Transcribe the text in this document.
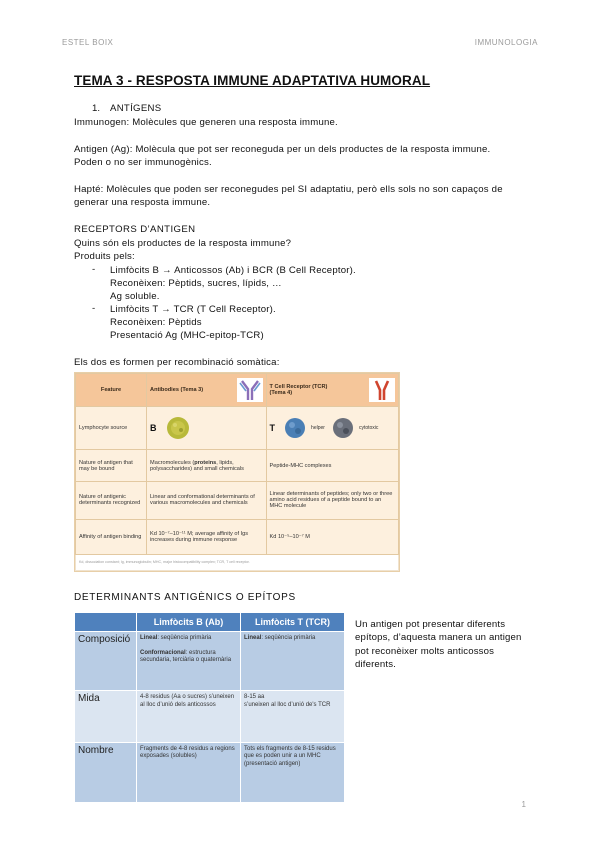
ESTEL BOIX	IMMUNOLOGIA
TEMA 3 - RESPOSTA IMMUNE ADAPTATIVA HUMORAL
1. ANTÍGENS
Immunogen: Molècules que generen una resposta immune.
Antigen (Ag): Molècula que pot ser reconeguda per un dels productes de la resposta immune.
Poden o no ser immunogènics.
Hapté: Molècules que poden ser reconegudes pel SI adaptatiu, però ells sols no son capaços de
generar una resposta immune.
RECEPTORS D’ANTIGEN
Quins són els productes de la resposta immune?
Produits pels:
- Limfòcits B → Anticossos (Ab) i BCR (B Cell Receptor).
Reconèixen: Pèptids, sucres, lípids, …
Ag soluble.
- Limfòcits T → TCR (T Cell Receptor).
Reconèixen: Pèptids
Presentació Ag (MHC-epitop-TCR)
Els dos es formen per recombinació somàtica:
Feature	Antibodies (Tema 3)	T Cell Receptor (TCR) (Tema 4)

Lymphocyte source	B	T helper cytotoxic

Nature of antigen that may be bound	Macromolecules (proteins, lipids, polysaccharides) and small chemicals	Peptide-MHC complexes
Nature of antigenic determinants recognized	Linear and conformational determinants of various macromolecules and chemicals	Linear determinants of peptides; only two or three amino acid residues of a peptide bound to an MHC molecule
Affinity of antigen binding	Kd 10⁻⁷–10⁻¹¹ M; average affinity of Igs increases during immune response	Kd 10⁻⁵–10⁻⁷ M
Kd, dissociation constant; Ig, immunoglobulin; MHC, major histocompatibility complex; TCR, T cell receptor.		
DETERMINANTS ANTIGÈNICS O EPÍTOPS
	Limfòcits B (Ab)	Limfòcits T (TCR)
Composició	Lineal: seqüència primària
Conformacional: estructura secundaria, terciària o quaternària	Lineal: seqüència primària
Mida	4-8 residus (Aa o sucres) s’uneixen al lloc d’unió dels anticossos	8-15 aa
s’uneixen al lloc d’unió de's TCR

Nombre	Fragments de 4-8 residus a regions exposades (solubles)	Tots els fragments de 8-15 residus que es poden unir a un MHC (presentació antigen)
Un antigen pot presentar diferents epítops, d’aquesta manera un antigen pot reconèixer molts anticossos diferents.
1
